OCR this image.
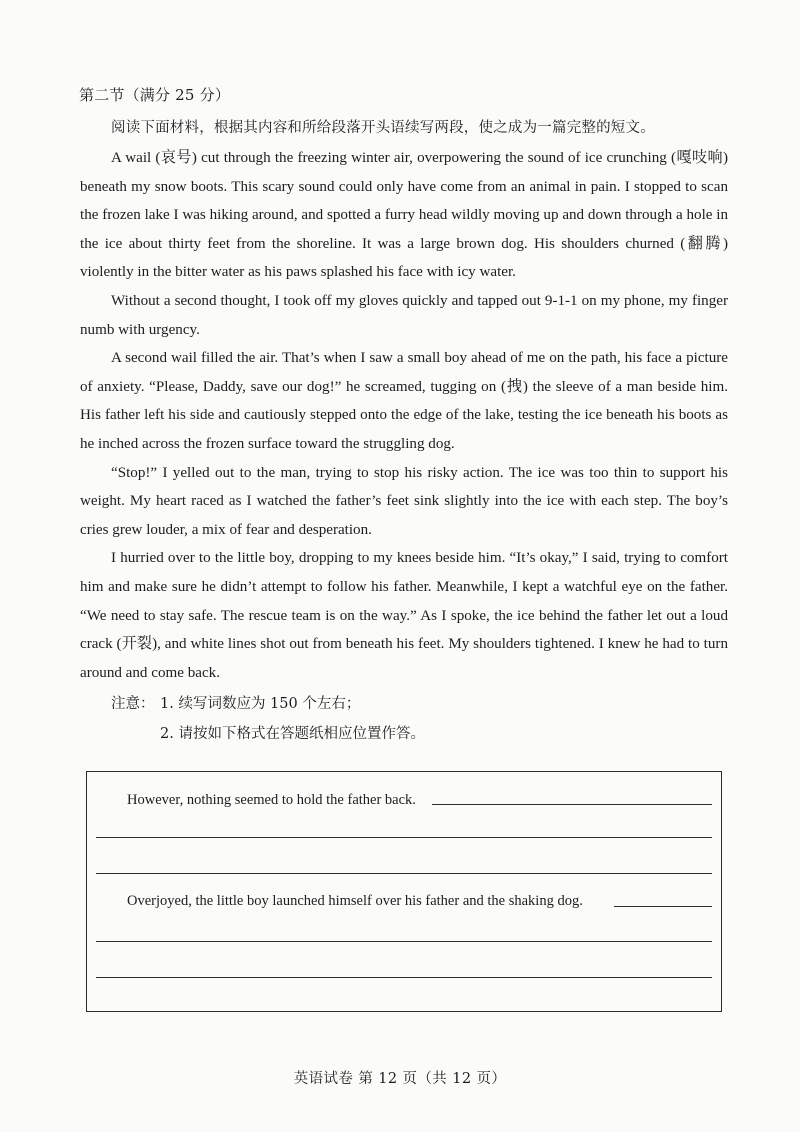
第二节（满分 25 分）
阅读下面材料，根据其内容和所给段落开头语续写两段，使之成为一篇完整的短文。

A wail (哀号) cut through the freezing winter air, overpowering the sound of ice crunching (嘎吱响) beneath my snow boots. This scary sound could only have come from an animal in pain. I stopped to scan the frozen lake I was hiking around, and spotted a furry head wildly moving up and down through a hole in the ice about thirty feet from the shoreline. It was a large brown dog. His shoulders churned (翻腾) violently in the bitter water as his paws splashed his face with icy water.

Without a second thought, I took off my gloves quickly and tapped out 9-1-1 on my phone, my finger numb with urgency.

A second wail filled the air. That’s when I saw a small boy ahead of me on the path, his face a picture of anxiety. “Please, Daddy, save our dog!” he screamed, tugging on (拽) the sleeve of a man beside him. His father left his side and cautiously stepped onto the edge of the lake, testing the ice beneath his boots as he inched across the frozen surface toward the struggling dog.

“Stop!” I yelled out to the man, trying to stop his risky action. The ice was too thin to support his weight. My heart raced as I watched the father’s feet sink slightly into the ice with each step. The boy’s cries grew louder, a mix of fear and desperation.

I hurried over to the little boy, dropping to my knees beside him. “It’s okay,” I said, trying to comfort him and make sure he didn’t attempt to follow his father. Meanwhile, I kept a watchful eye on the father. “We need to stay safe. The rescue team is on the way.” As I spoke, the ice behind the father let out a loud crack (开裂), and white lines shot out from beneath his feet. My shoulders tightened. I knew he had to turn around and come back.

注意： 1. 续写词数应为 150 个左右；
2. 请按如下格式在答题纸相应位置作答。
However, nothing seemed to hold the father back.
Overjoyed, the little boy launched himself over his father and the shaking dog.
英语试卷 第 12 页（共 12 页）
